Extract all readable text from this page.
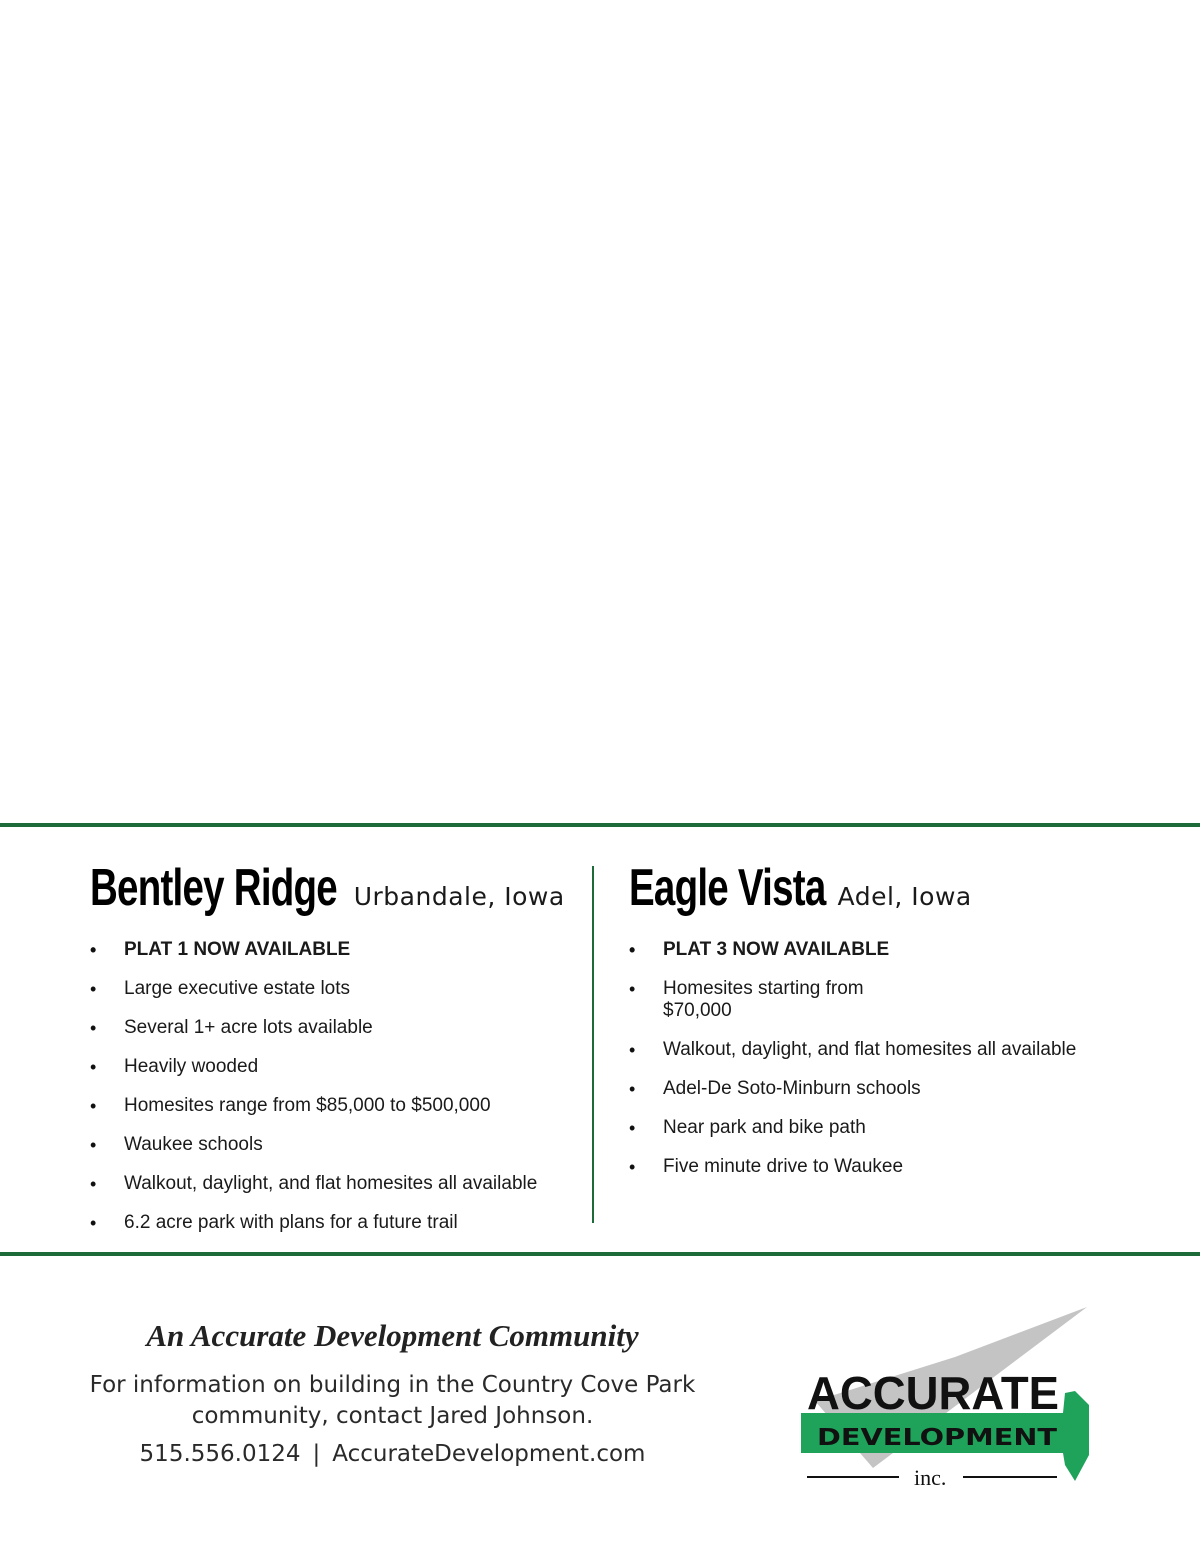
Bentley Ridge Urbandale, Iowa
• PLAT 1 NOW AVAILABLE
• Large executive estate lots
• Several 1+ acre lots available
• Heavily wooded
• Homesites range from $85,000 to $500,000
• Waukee schools
• Walkout, daylight, and flat homesites all available
• 6.2 acre park with plans for a future trail
Eagle Vista Adel, Iowa
• PLAT 3 NOW AVAILABLE
• Homesites starting from $70,000
• Walkout, daylight, and flat homesites all available
• Adel-De Soto-Minburn schools
• Near park and bike path
• Five minute drive to Waukee
An Accurate Development Community

For information on building in the Country Cove Park
community, contact Jared Johnson.

515.556.0124 | AccurateDevelopment.com
ACCURATE
DEVELOPMENT
inc.
